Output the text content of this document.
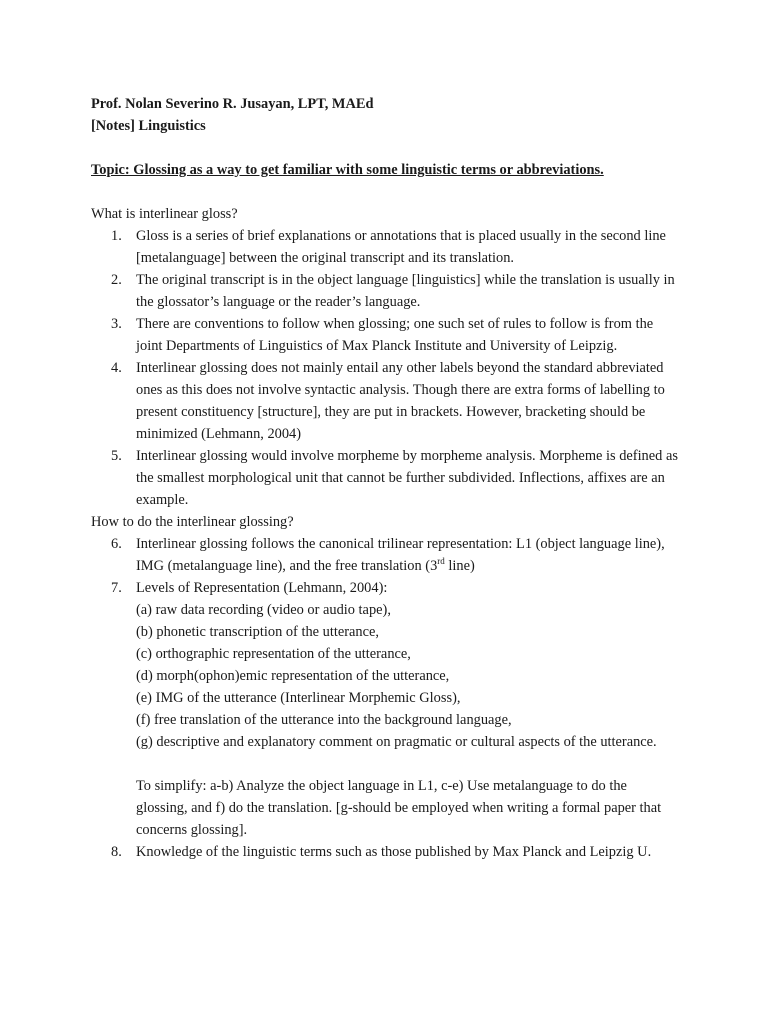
Prof. Nolan Severino R. Jusayan, LPT, MAEd
[Notes] Linguistics
Topic: Glossing as a way to get familiar with some linguistic terms or abbreviations.
What is interlinear gloss?
1. Gloss is a series of brief explanations or annotations that is placed usually in the second line [metalanguage] between the original transcript and its translation.
2. The original transcript is in the object language [linguistics] while the translation is usually in the glossator’s language or the reader’s language.
3. There are conventions to follow when glossing; one such set of rules to follow is from the joint Departments of Linguistics of Max Planck Institute and University of Leipzig.
4. Interlinear glossing does not mainly entail any other labels beyond the standard abbreviated ones as this does not involve syntactic analysis. Though there are extra forms of labelling to present constituency [structure], they are put in brackets. However, bracketing should be minimized (Lehmann, 2004)
5. Interlinear glossing would involve morpheme by morpheme analysis. Morpheme is defined as the smallest morphological unit that cannot be further subdivided. Inflections, affixes are an example.
How to do the interlinear glossing?
6. Interlinear glossing follows the canonical trilinear representation: L1 (object language line), IMG (metalanguage line), and the free translation (3rd line)
7. Levels of Representation (Lehmann, 2004):
(a) raw data recording (video or audio tape),
(b) phonetic transcription of the utterance,
(c) orthographic representation of the utterance,
(d) morph(ophon)emic representation of the utterance,
(e) IMG of the utterance (Interlinear Morphemic Gloss),
(f) free translation of the utterance into the background language,
(g) descriptive and explanatory comment on pragmatic or cultural aspects of the utterance.
To simplify: a-b) Analyze the object language in L1, c-e) Use metalanguage to do the glossing, and f) do the translation. [g-should be employed when writing a formal paper that concerns glossing].
8. Knowledge of the linguistic terms such as those published by Max Planck and Leipzig U.
